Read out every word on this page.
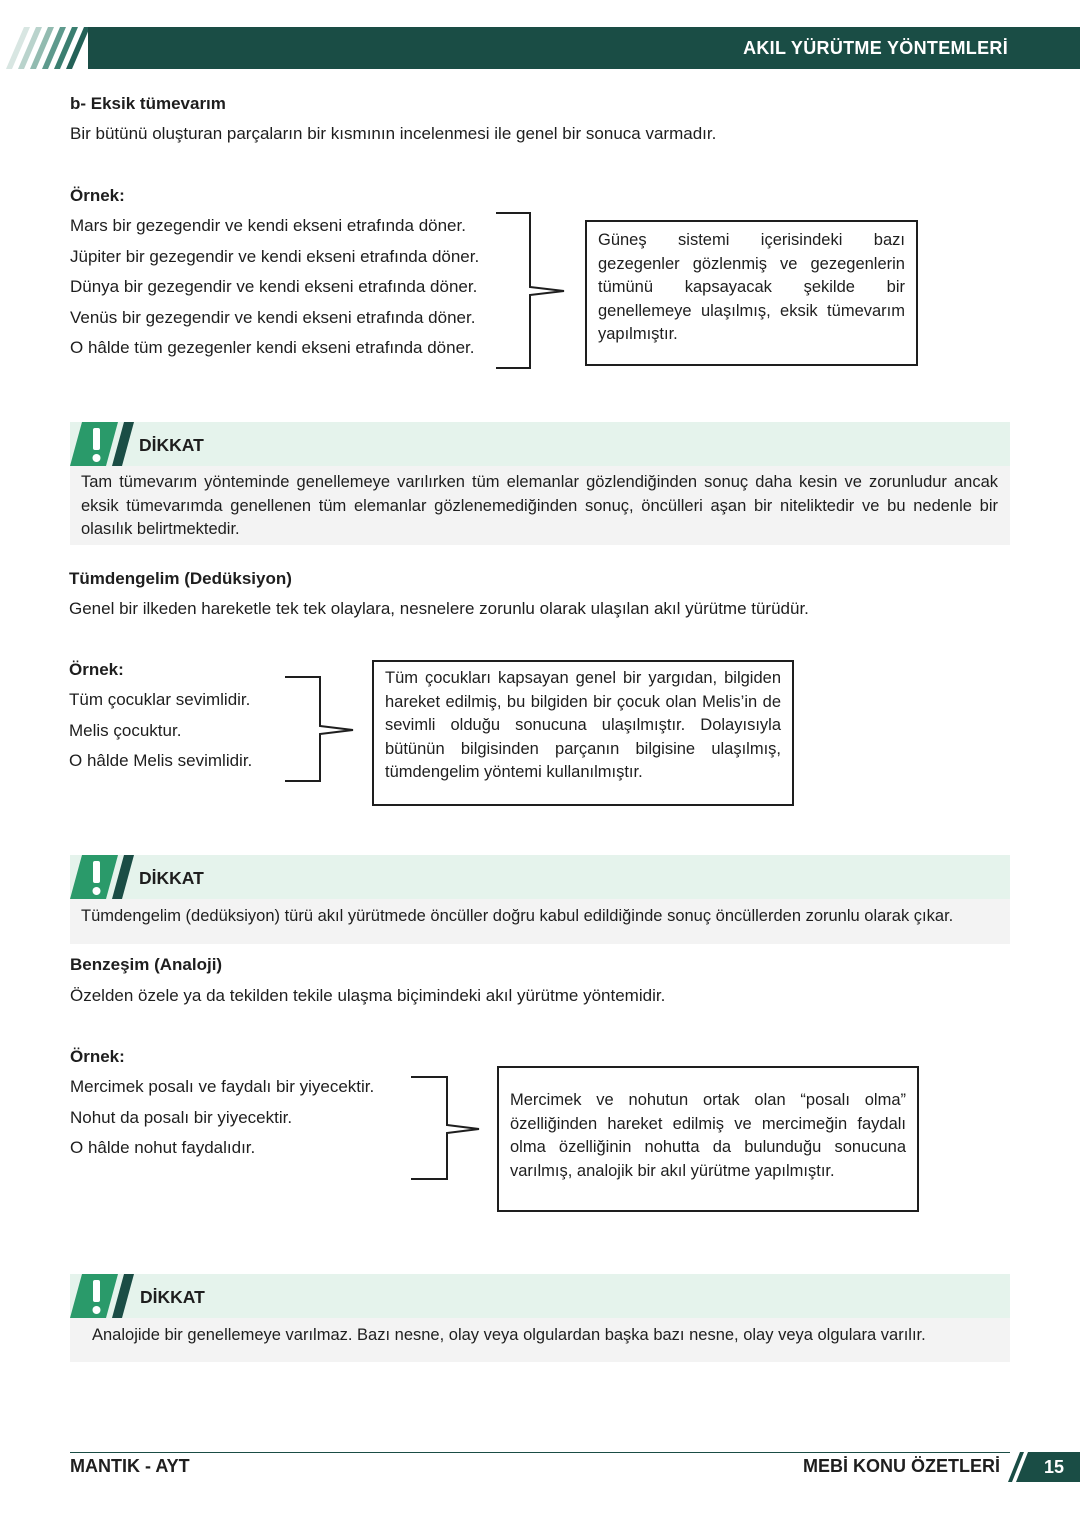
AKIL YÜRÜTME YÖNTEMLERİ
b- Eksik tümevarım
Bir bütünü oluşturan parçaların bir kısmının incelenmesi ile genel bir sonuca varmadır.
Örnek:
Mars bir gezegendir ve kendi ekseni etrafında döner.
Jüpiter bir gezegendir ve kendi ekseni etrafında döner.
Dünya bir gezegendir ve kendi ekseni etrafında döner.
Venüs bir gezegendir ve kendi ekseni etrafında döner.
O hâlde tüm gezegenler kendi ekseni etrafında döner.
Güneş sistemi içerisindeki bazı gezegenler gözlenmiş ve gezegenlerin tümünü kapsayacak şekilde bir genellemeye ulaşılmış, eksik tümevarım yapılmıştır.
DİKKAT
Tam tümevarım yönteminde genellemeye varılırken tüm elemanlar gözlendiğinden sonuç daha kesin ve zorunludur ancak eksik tümevarımda genellenen tüm elemanlar gözlenemediğinden sonuç, öncülleri aşan bir niteliktedir ve bu nedenle bir olasılık belirtmektedir.
Tümdengelim (Dedüksiyon)
Genel bir ilkeden hareketle tek tek olaylara, nesnelere zorunlu olarak ulaşılan akıl yürütme türüdür.
Örnek:
Tüm çocuklar sevimlidir.
Melis çocuktur.
O hâlde Melis sevimlidir.
Tüm çocukları kapsayan genel bir yargıdan, bilgiden hareket edilmiş, bu bilgiden bir çocuk olan Melis’in de sevimli olduğu sonucuna ulaşılmıştır. Dolayısıyla bütünün bilgisinden parçanın bilgisine ulaşılmış, tümdengelim yöntemi kullanılmıştır.
DİKKAT
Tümdengelim (dedüksiyon) türü akıl yürütmede öncüller doğru kabul edildiğinde sonuç öncüllerden zorunlu olarak çıkar.
Benzeşim (Analoji)
Özelden özele ya da tekilden tekile ulaşma biçimindeki akıl yürütme yöntemidir.
Örnek:
Mercimek posalı ve faydalı bir yiyecektir.
Nohut da posalı bir yiyecektir.
O hâlde nohut faydalıdır.
Mercimek ve nohutun ortak olan “posalı olma” özelliğinden hareket edilmiş ve mercimeğin faydalı olma özelliğinin nohutta da bulunduğu sonucuna varılmış, analojik bir akıl yürütme yapılmıştır.
DİKKAT
Analojide bir genellemeye varılmaz. Bazı nesne, olay veya olgulardan başka bazı nesne, olay veya olgulara varılır.
MANTIK - AYT	MEBİ KONU ÖZETLERİ	15
